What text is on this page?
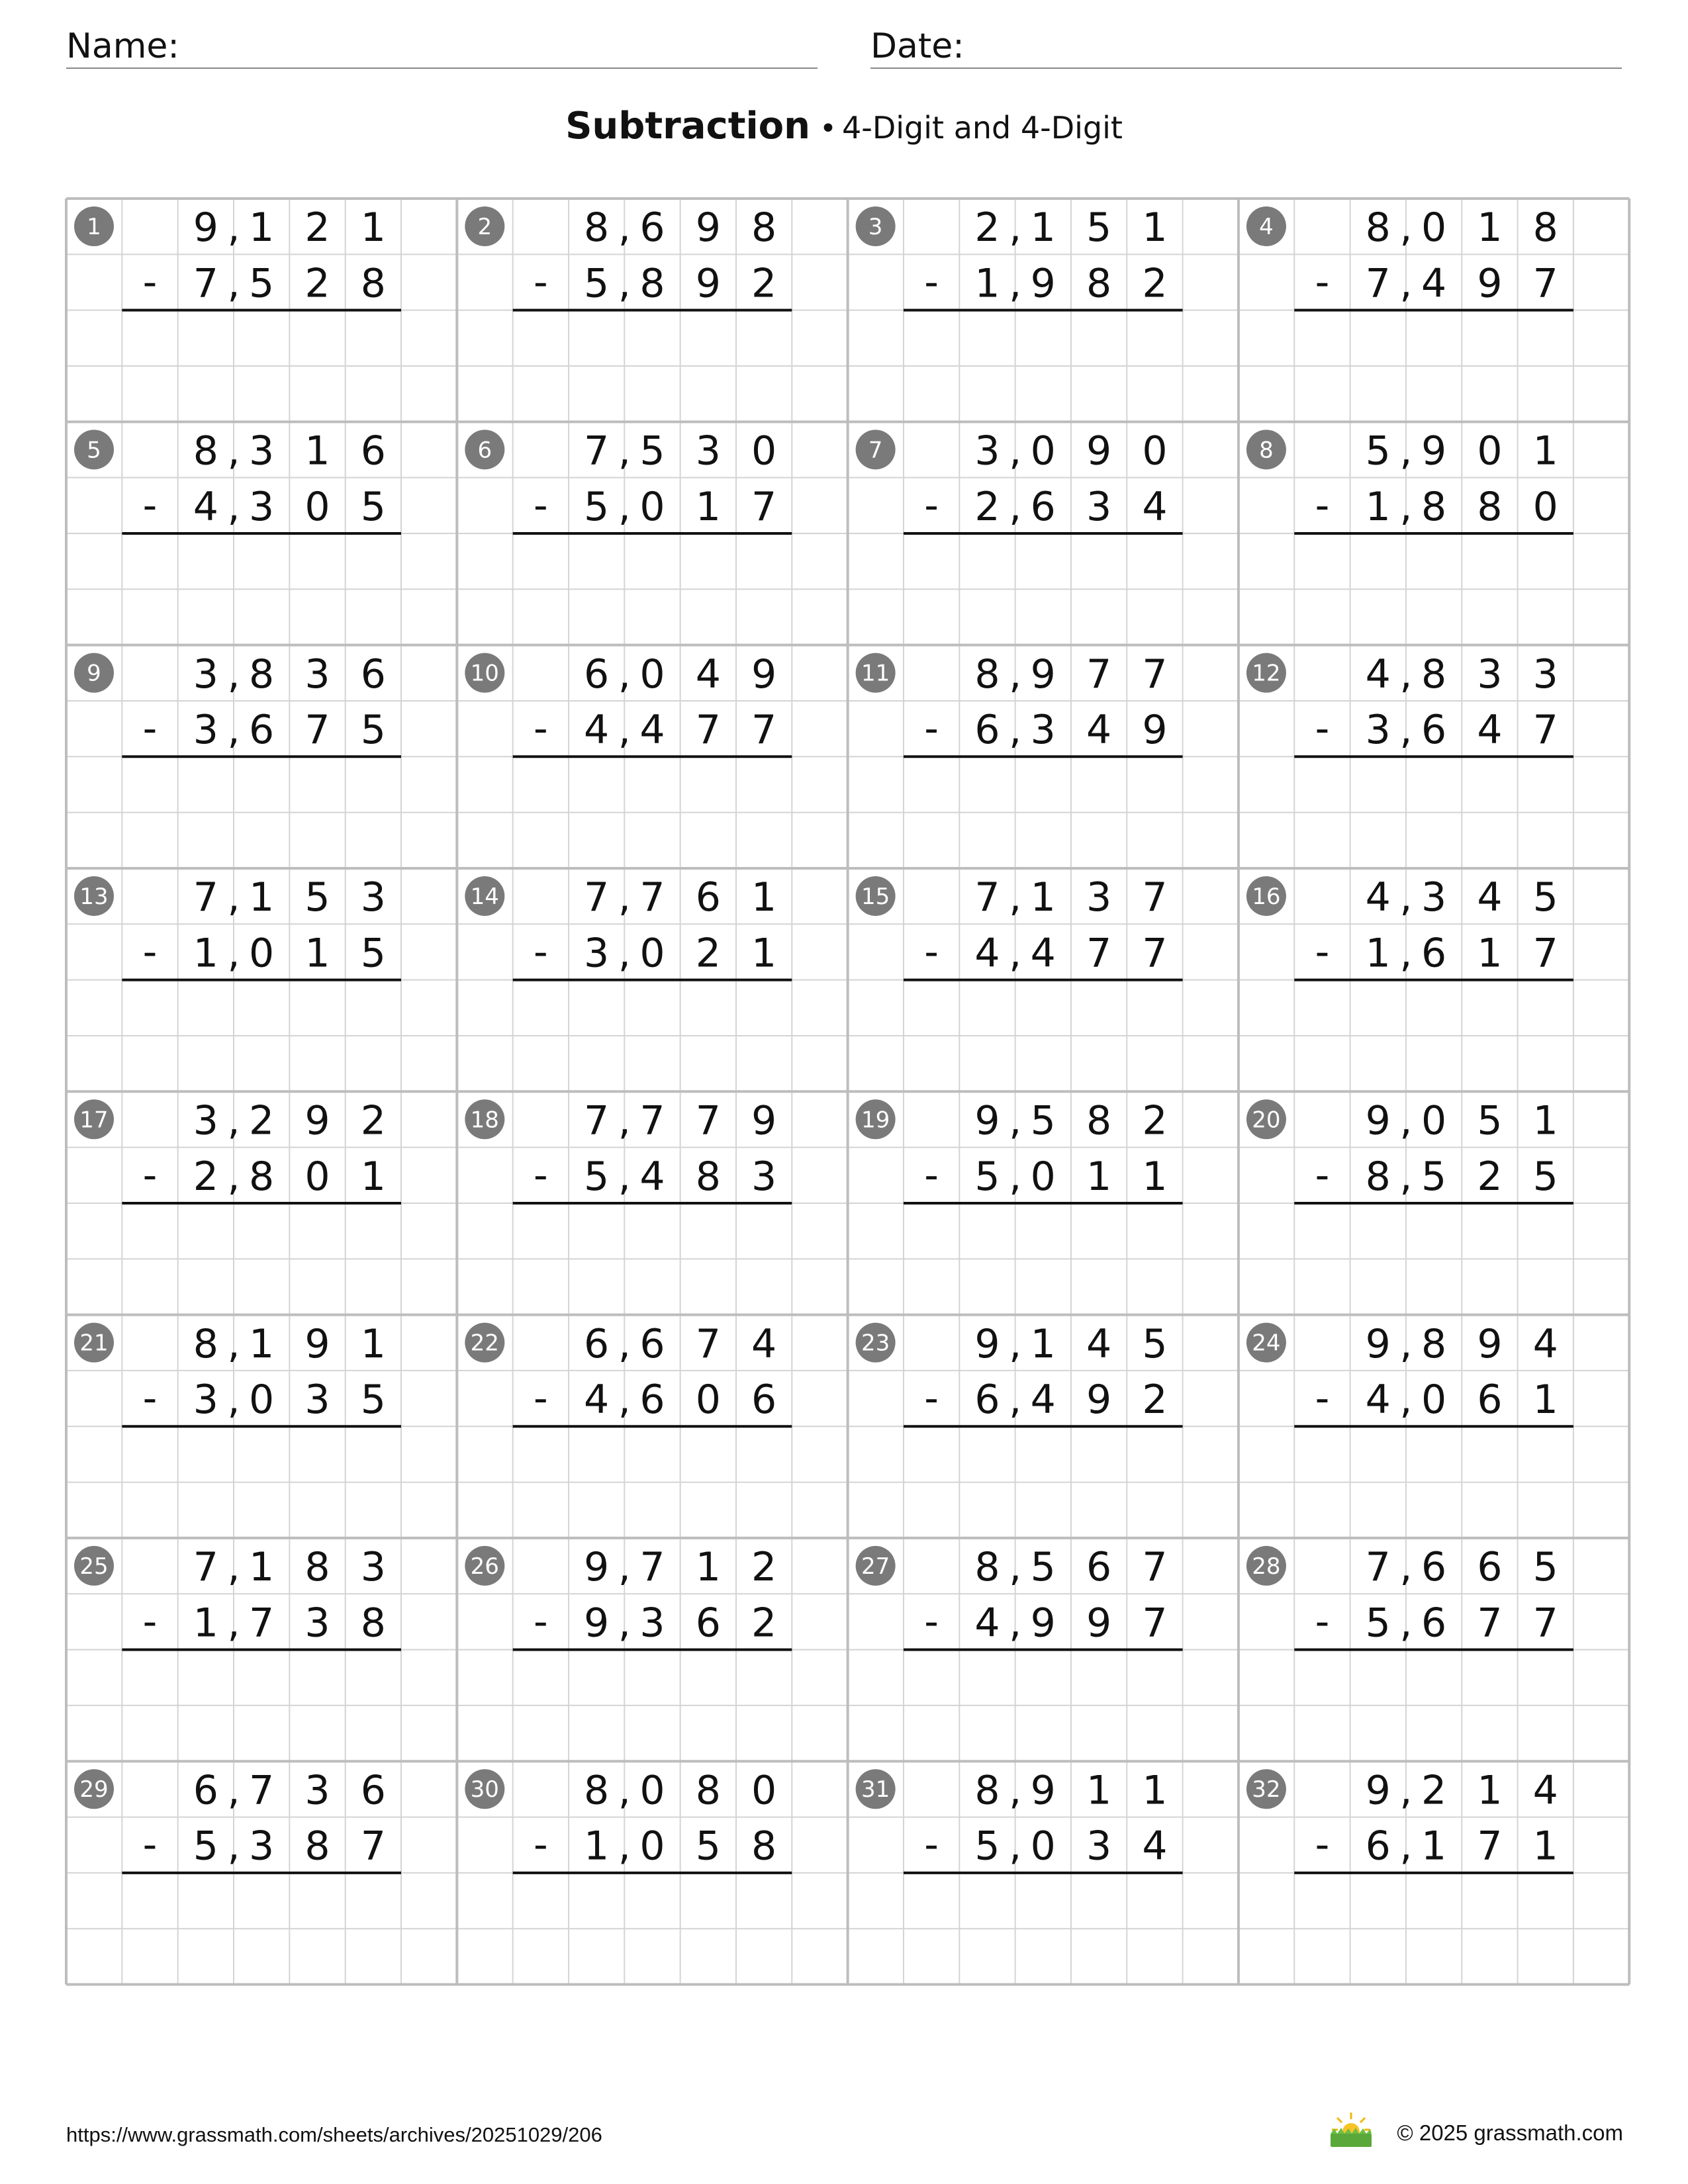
Name:	Date:
Subtraction • 4-Digit and 4-Digit
1 9 , 1 2 1
7 , 5 2 8
-
2 8 , 6 9 8
5 , 8 9 2
-
3 2 , 1 5 1
1 , 9 8 2
-
4 8 , 0 1 8
7 , 4 9 7
-
5 8 , 3 1 6
4 , 3 0 5
-
6 7 , 5 3 0
5 , 0 1 7
-
7 3 , 0 9 0
2 , 6 3 4
-
8 5 , 9 0 1
1 , 8 8 0
-
9 3 , 8 3 6
3 , 6 7 5
-
10 6 , 0 4 9
4 , 4 7 7
-
11 8 , 9 7 7
6 , 3 4 9
-
12 4 , 8 3 3
3 , 6 4 7
-
13 7 , 1 5 3
1 , 0 1 5
-
14 7 , 7 6 1
3 , 0 2 1
-
15 7 , 1 3 7
4 , 4 7 7
-
16 4 , 3 4 5
1 , 6 1 7
-
17 3 , 2 9 2
2 , 8 0 1
-
18 7 , 7 7 9
5 , 4 8 3
-
19 9 , 5 8 2
5 , 0 1 1
-
20 9 , 0 5 1
8 , 5 2 5
-
21 8 , 1 9 1
3 , 0 3 5
-
22 6 , 6 7 4
4 , 6 0 6
-
23 9 , 1 4 5
6 , 4 9 2
-
24 9 , 8 9 4
4 , 0 6 1
-
25 7 , 1 8 3
1 , 7 3 8
-
26 9 , 7 1 2
9 , 3 6 2
-
27 8 , 5 6 7
4 , 9 9 7
-
28 7 , 6 6 5
5 , 6 7 7
-
29 6 , 7 3 6
5 , 3 8 7
-
30 8 , 0 8 0
1 , 0 5 8
-
31 8 , 9 1 1
5 , 0 3 4
-
32 9 , 2 1 4
6 , 1 7 1
-
https://www.grassmath.com/sheets/archives/20251029/206	© 2025 grassmath.com
